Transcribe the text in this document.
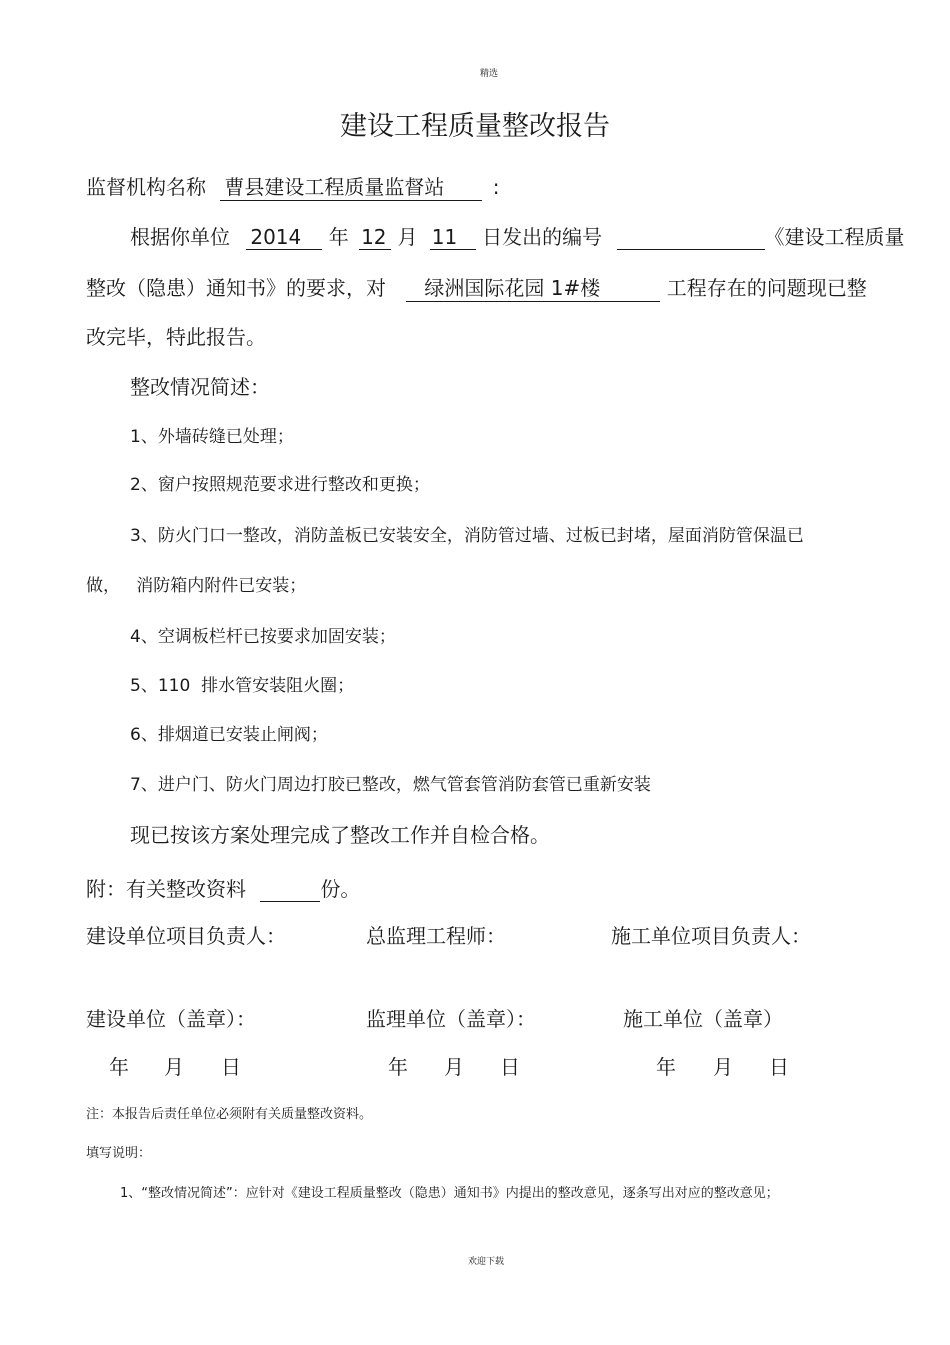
精选
建设工程质量整改报告
监督机构名称 曹县建设工程质量监督站 :
根据你单位 2014 年 12 月 11 日发出的编号	《建设工程质量
整改（隐患）通知书》的要求，对 绿洲国际花园 1#楼	工程存在的问题现已整
改完毕，特此报告。
整改情况简述：
1、外墙砖缝已处理；
2、窗户按照规范要求进行整改和更换；
3、防火门口一整改，消防盖板已安装安全，消防管过墙、过板已封堵，屋面消防管保温已
做，   消防箱内附件已安装；
4、空调板栏杆已按要求加固安装；
5、110  排水管安装阻火圈；
6、排烟道已安装止闸阀；
7、进户门、防火门周边打胶已整改，燃气管套管消防套管已重新安装
现已按该方案处理完成了整改工作并自检合格。
附：有关整改资料	份。
建设单位项目负责人：	总监理工程师：	施工单位项目负责人：
建设单位（盖章）：	监理单位（盖章）：	施工单位（盖章）
年 月 日	年 月 日	年 月 日
注：本报告后责任单位必须附有关质量整改资料。
填写说明：
1、“整改情况简述”：应针对《建设工程质量整改（隐患）通知书》内提出的整改意见，逐条写出对应的整改意见；
欢迎下载
